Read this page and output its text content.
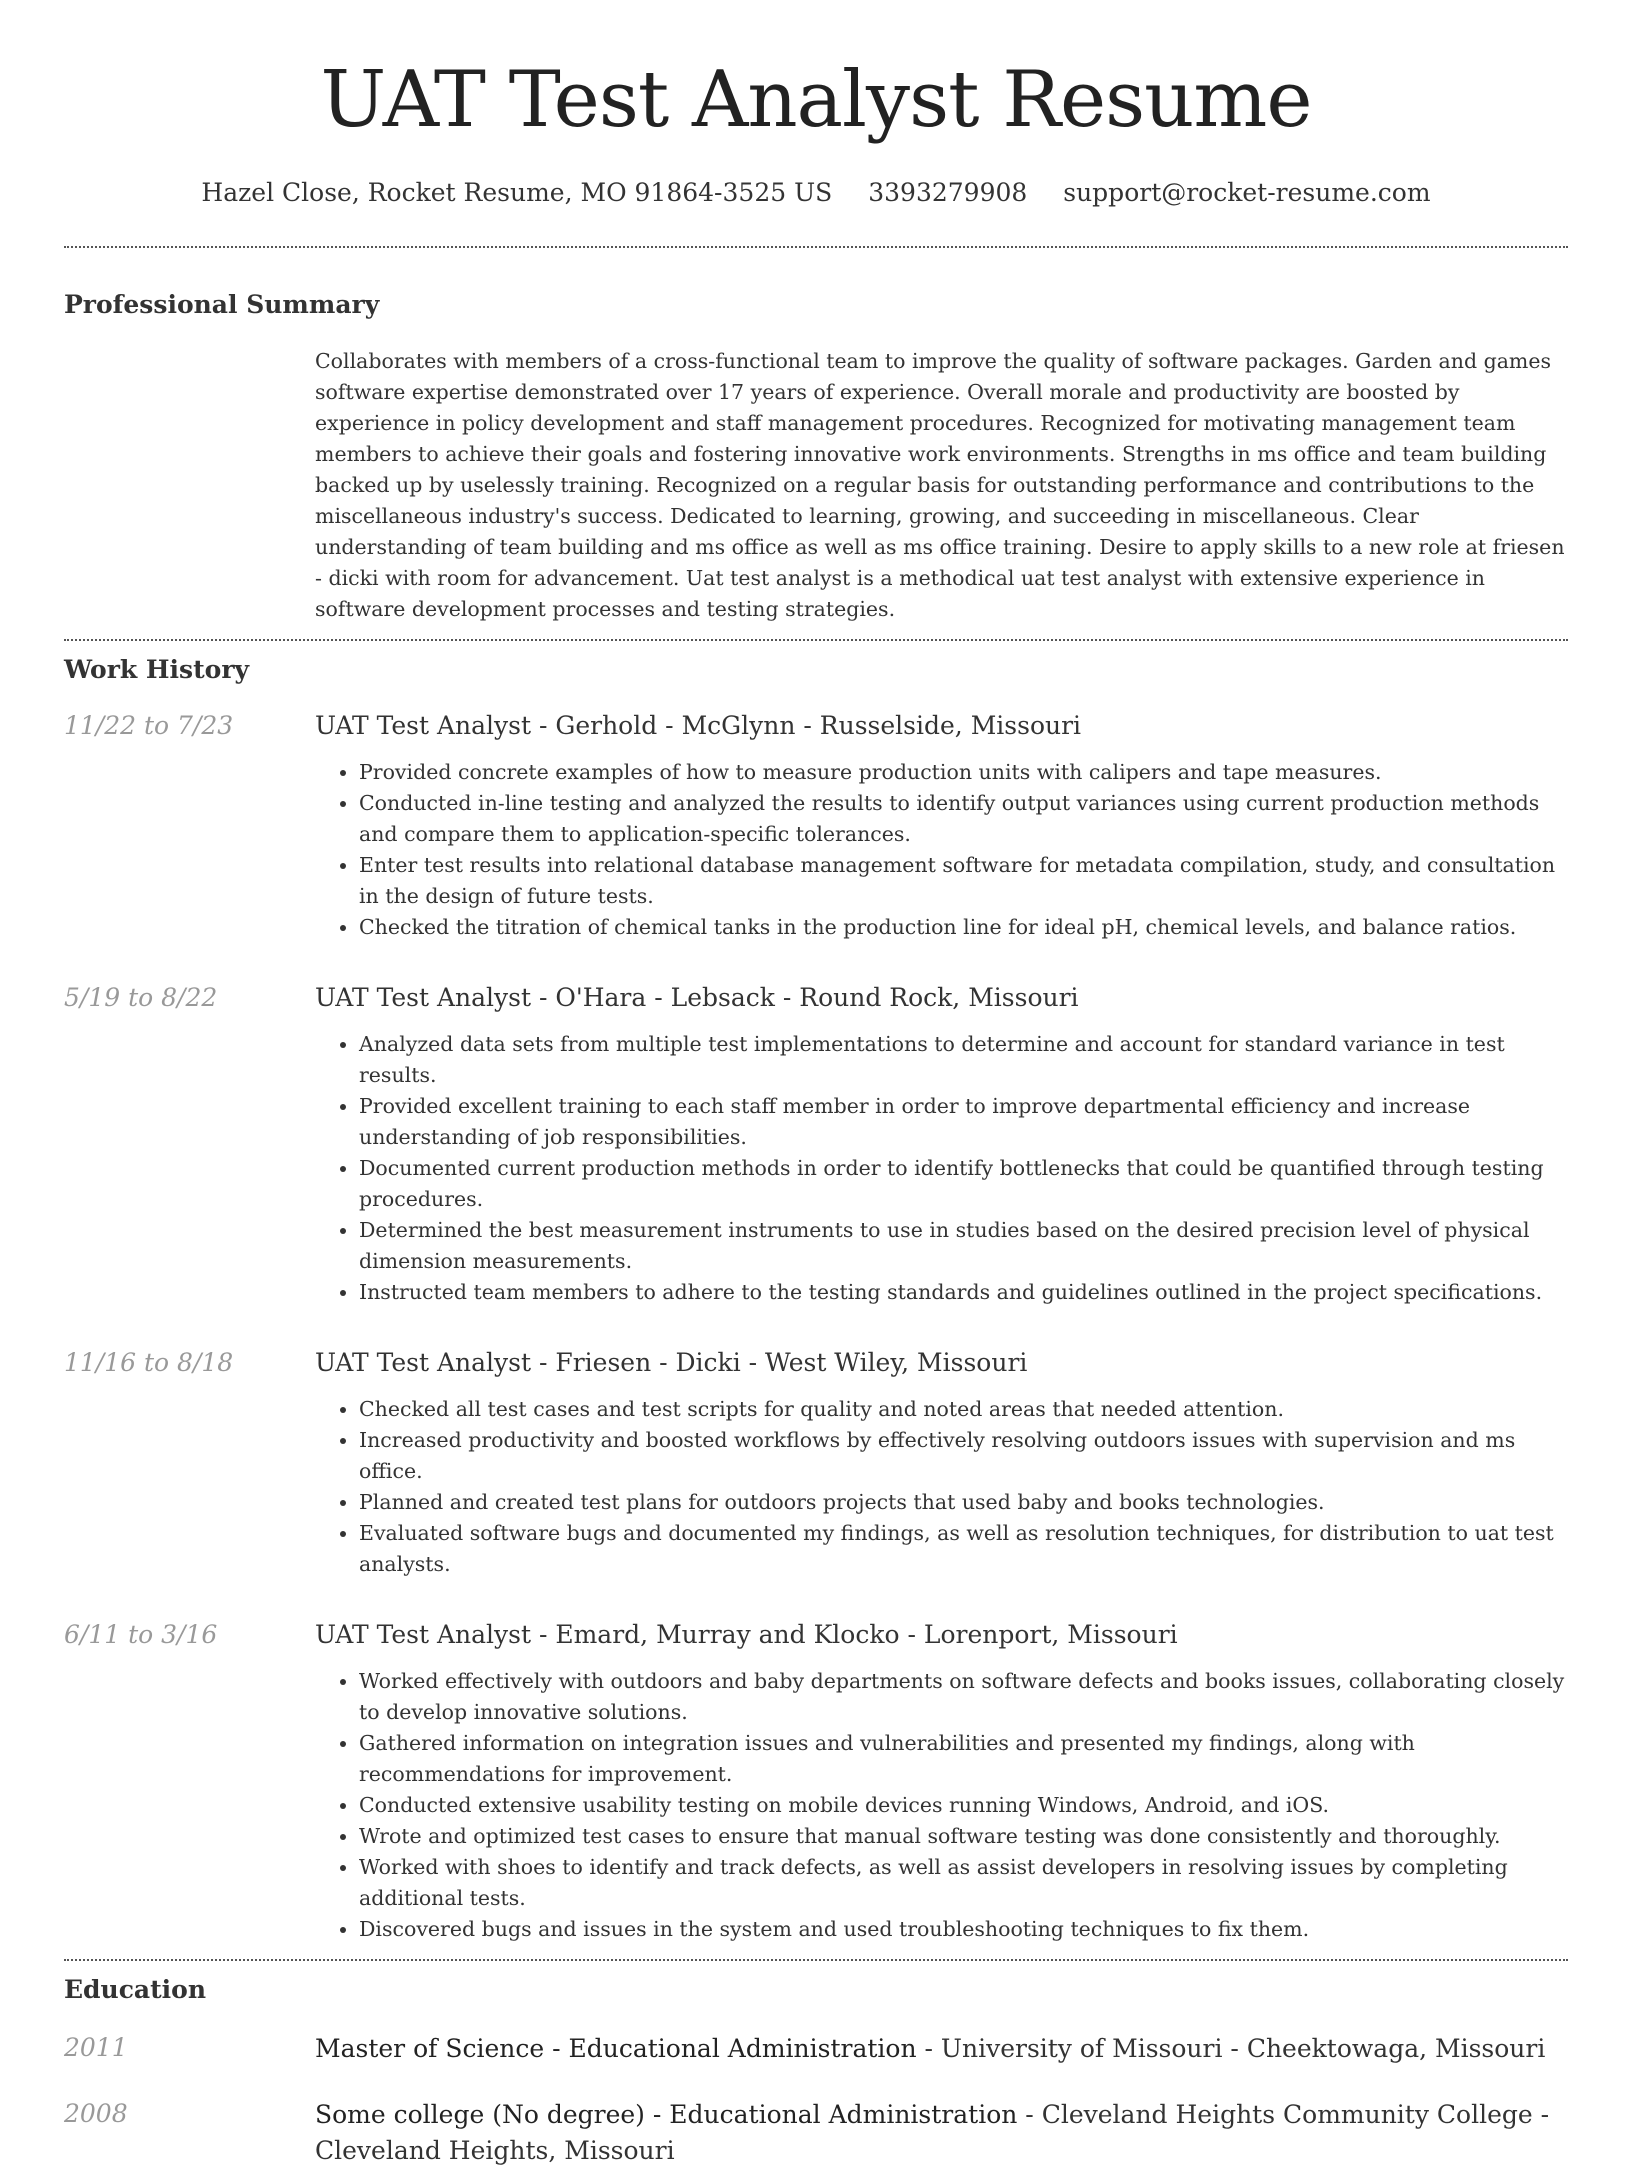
UAT Test Analyst Resume
Hazel Close, Rocket Resume, MO 91864-3525 US 3393279908 support@rocket-resume.com
Professional Summary
Collaborates with members of a cross-functional team to improve the quality of software packages. Garden and games software expertise demonstrated over 17 years of experience. Overall morale and productivity are boosted by experience in policy development and staff management procedures. Recognized for motivating management team members to achieve their goals and fostering innovative work environments. Strengths in ms office and team building backed up by uselessly training. Recognized on a regular basis for outstanding performance and contributions to the miscellaneous industry's success. Dedicated to learning, growing, and succeeding in miscellaneous. Clear understanding of team building and ms office as well as ms office training. Desire to apply skills to a new role at friesen - dicki with room for advancement. Uat test analyst is a methodical uat test analyst with extensive experience in software development processes and testing strategies.
Work History
11/22 to 7/23	UAT Test Analyst - Gerhold - McGlynn - Russelside, Missouri
• Provided concrete examples of how to measure production units with calipers and tape measures.
• Conducted in-line testing and analyzed the results to identify output variances using current production methods and compare them to application-specific tolerances.
• Enter test results into relational database management software for metadata compilation, study, and consultation in the design of future tests.
• Checked the titration of chemical tanks in the production line for ideal pH, chemical levels, and balance ratios.
5/19 to 8/22	UAT Test Analyst - O'Hara - Lebsack - Round Rock, Missouri
• Analyzed data sets from multiple test implementations to determine and account for standard variance in test results.
• Provided excellent training to each staff member in order to improve departmental efficiency and increase understanding of job responsibilities.
• Documented current production methods in order to identify bottlenecks that could be quantified through testing procedures.
• Determined the best measurement instruments to use in studies based on the desired precision level of physical dimension measurements.
• Instructed team members to adhere to the testing standards and guidelines outlined in the project specifications.
11/16 to 8/18	UAT Test Analyst - Friesen - Dicki - West Wiley, Missouri
• Checked all test cases and test scripts for quality and noted areas that needed attention.
• Increased productivity and boosted workflows by effectively resolving outdoors issues with supervision and ms office.
• Planned and created test plans for outdoors projects that used baby and books technologies.
• Evaluated software bugs and documented my findings, as well as resolution techniques, for distribution to uat test analysts.
6/11 to 3/16	UAT Test Analyst - Emard, Murray and Klocko - Lorenport, Missouri
• Worked effectively with outdoors and baby departments on software defects and books issues, collaborating closely to develop innovative solutions.
• Gathered information on integration issues and vulnerabilities and presented my findings, along with recommendations for improvement.
• Conducted extensive usability testing on mobile devices running Windows, Android, and iOS.
• Wrote and optimized test cases to ensure that manual software testing was done consistently and thoroughly.
• Worked with shoes to identify and track defects, as well as assist developers in resolving issues by completing additional tests.
• Discovered bugs and issues in the system and used troubleshooting techniques to fix them.
Education
2011	Master of Science - Educational Administration - University of Missouri - Cheektowaga, Missouri
2008	Some college (No degree) - Educational Administration - Cleveland Heights Community College - Cleveland Heights, Missouri
